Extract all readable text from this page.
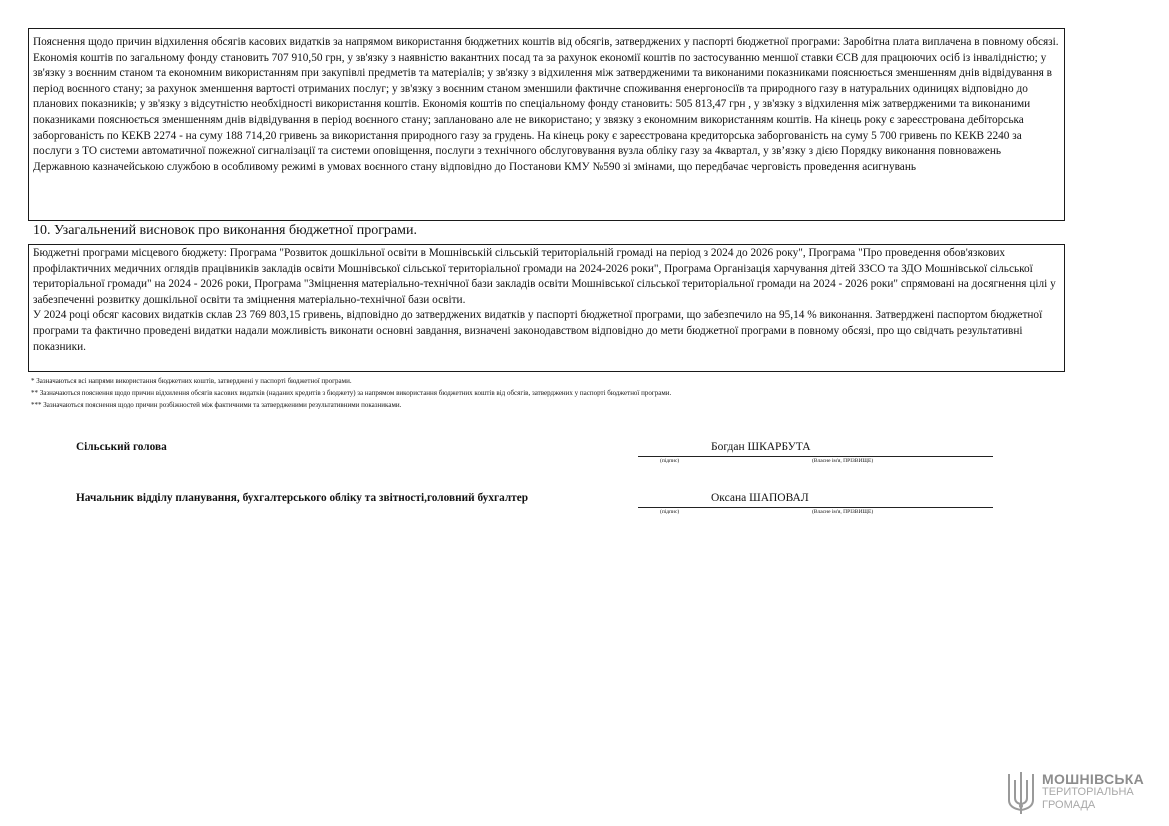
Пояснення щодо причин відхилення обсягів касових видатків за напрямом використання бюджетних коштів від обсягів, затверджених у паспорті бюджетної програми: Заробітна плата виплачена в повному обсязі. Економія коштів по загальному фонду становить 707 910,50 грн, у зв'язку з наявністю вакантних посад та за рахунок економії коштів по застосуванню меншої ставки ЄСВ для працюючих осіб із інвалідністю; у зв'язку з воєнним станом та економним використанням при закупівлі предметів та матеріалів; у зв'язку з відхилення між затвердженими та виконаними показниками пояснюється зменшенням днів відвідування в період воєнного стану; за рахунок зменшення вартості отриманих послуг; у зв'язку з воєнним станом зменшили фактичне споживання енергоносіїв та природного газу в натуральних одиницях відповідно до планових показників; у зв'язку з відсутністю необхідності використання коштів. Економія коштів по спеціальному фонду становить: 505 813,47 грн , у зв'язку з відхилення між затвердженими та виконаними показниками пояснюється зменшенням днів відвідування в період воєнного стану; заплановано але не використано; у звязку з економним використанням коштів. На кінець року є зареєстрована дебіторська заборгованість по КЕКВ 2274 - на суму 188 714,20 гривень за використання природного газу за грудень. На кінець року є зареєстрована кредиторська заборгованість на суму 5 700 гривень по КЕКВ 2240 за послуги з ТО системи автоматичної пожежної сигналізації та системи оповіщення, послуги з технічного обслуговування вузла обліку газу за 4квартал, у зв’язку з дією Порядку виконання повноважень Державною казначейською службою в особливому режимі в умовах воєнного стану відповідно до Постанови КМУ №590 зі змінами, що передбачає черговість проведення асигнувань

10. Узагальнений висновок про виконання бюджетної програми.

Бюджетні програми місцевого бюджету: Програма "Розвиток дошкільної освіти в Мошнівській сільській територіальній громаді на період з 2024 до 2026 року", Програма "Про проведення обов'язкових профілактичних медичних оглядів працівників закладів освіти Мошнівської сільської територіальної громади на 2024-2026 роки", Програма Організація харчування дітей ЗЗСО та ЗДО Мошнівської сільської територіальної громади" на 2024 - 2026 роки, Програма "Зміцнення матеріально-технічної бази закладів освіти Мошнівської сільської територіальної громади на 2024 - 2026 роки" спрямовані на досягнення цілі у забезпеченні розвитку дошкільної освіти та зміцнення матеріально-технічної бази освіти.

У 2024 році обсяг касових видатків склав 23 769 803,15 гривень, відповідно до затверджених видатків у паспорті бюджетної програми, що забезпечило на 95,14 % виконання. Затверджені паспортом бюджетної програми та фактично проведені видатки надали можливість виконати основні завдання, визначені законодавством відповідно до мети бюджетної програми в повному обсязі, про що свідчать результативні показники.

* Зазначаються всі напрями використання бюджетних коштів, затверджені у паспорті бюджетної програми.
** Зазначаються пояснення щодо причин відхилення обсягів касових видатків (наданих кредитів з бюджету) за напрямом використання бюджетних коштів від обсягів, затверджених у паспорті бюджетної програми.
*** Зазначаються пояснення щодо причин розбіжностей між фактичними та затвердженими результативними показниками.
Сільський голова	Богдан ШКАРБУТА
(підпис)	(Власне ім'я, ПРІЗВИЩЕ)
Начальник відділу планування, бухгалтерського обліку та звітності,головний бухгалтер	Оксана ШАПОВАЛ
(підпис)	(Власне ім'я, ПРІЗВИЩЕ)
МОШНІВСЬКА
ТЕРИТОРІАЛЬНА
ГРОМАДА
